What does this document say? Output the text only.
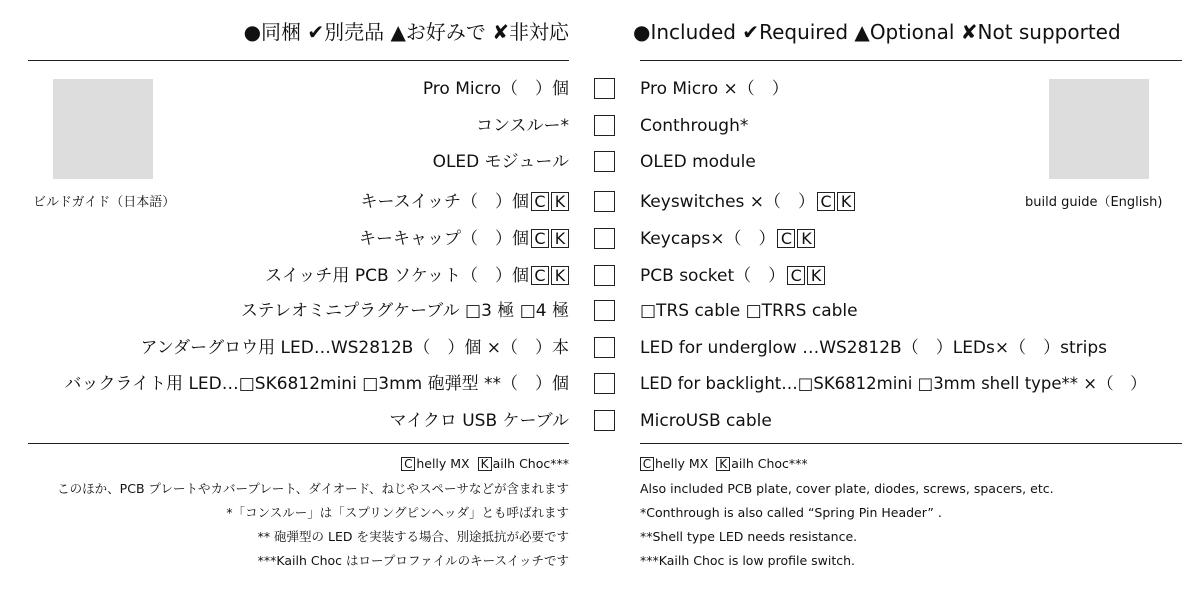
●同梱 ✔別売品 ▲お好みで ✘非対応	●Included ✔Required ▲Optional ✘Not supported
ビルドガイド（日本語）	build guide（English)
Pro Micro（　）個	Pro Micro ×（　）
コンスルー*	Conthrough*
OLED モジュール	OLED module
キースイッチ（　）個 C K	Keyswitches ×（　） C K
キーキャップ（　）個 C K	Keycaps×（　） C K
スイッチ用 PCB ソケット（　）個 C K	PCB socket（　） C K
ステレオミニプラグケーブル □3 極 □4 極	□TRS cable □TRRS cable
アンダーグロウ用 LED…WS2812B（　）個 ×（　）本	LED for underglow …WS2812B（　）LEDs×（　）strips
バックライト用 LED…□SK6812mini □3mm 砲弾型 **（　）個	LED for backlight…□SK6812mini □3mm shell type** ×（　）
マイクロ USB ケーブル	MicroUSB cable
C helly MX K ailh Choc***
このほか、PCB プレートやカバープレート、ダイオード、ねじやスペーサなどが含まれます
*「コンスルー」は「スプリングピンヘッダ」とも呼ばれます
** 砲弾型の LED を実装する場合、別途抵抗が必要です
***Kailh Choc はロープロファイルのキースイッチです
C helly MX K ailh Choc***
Also included PCB plate, cover plate, diodes, screws, spacers, etc.
*Conthrough is also called “Spring Pin Header” .
**Shell type LED needs resistance.
***Kailh Choc is low profile switch.
